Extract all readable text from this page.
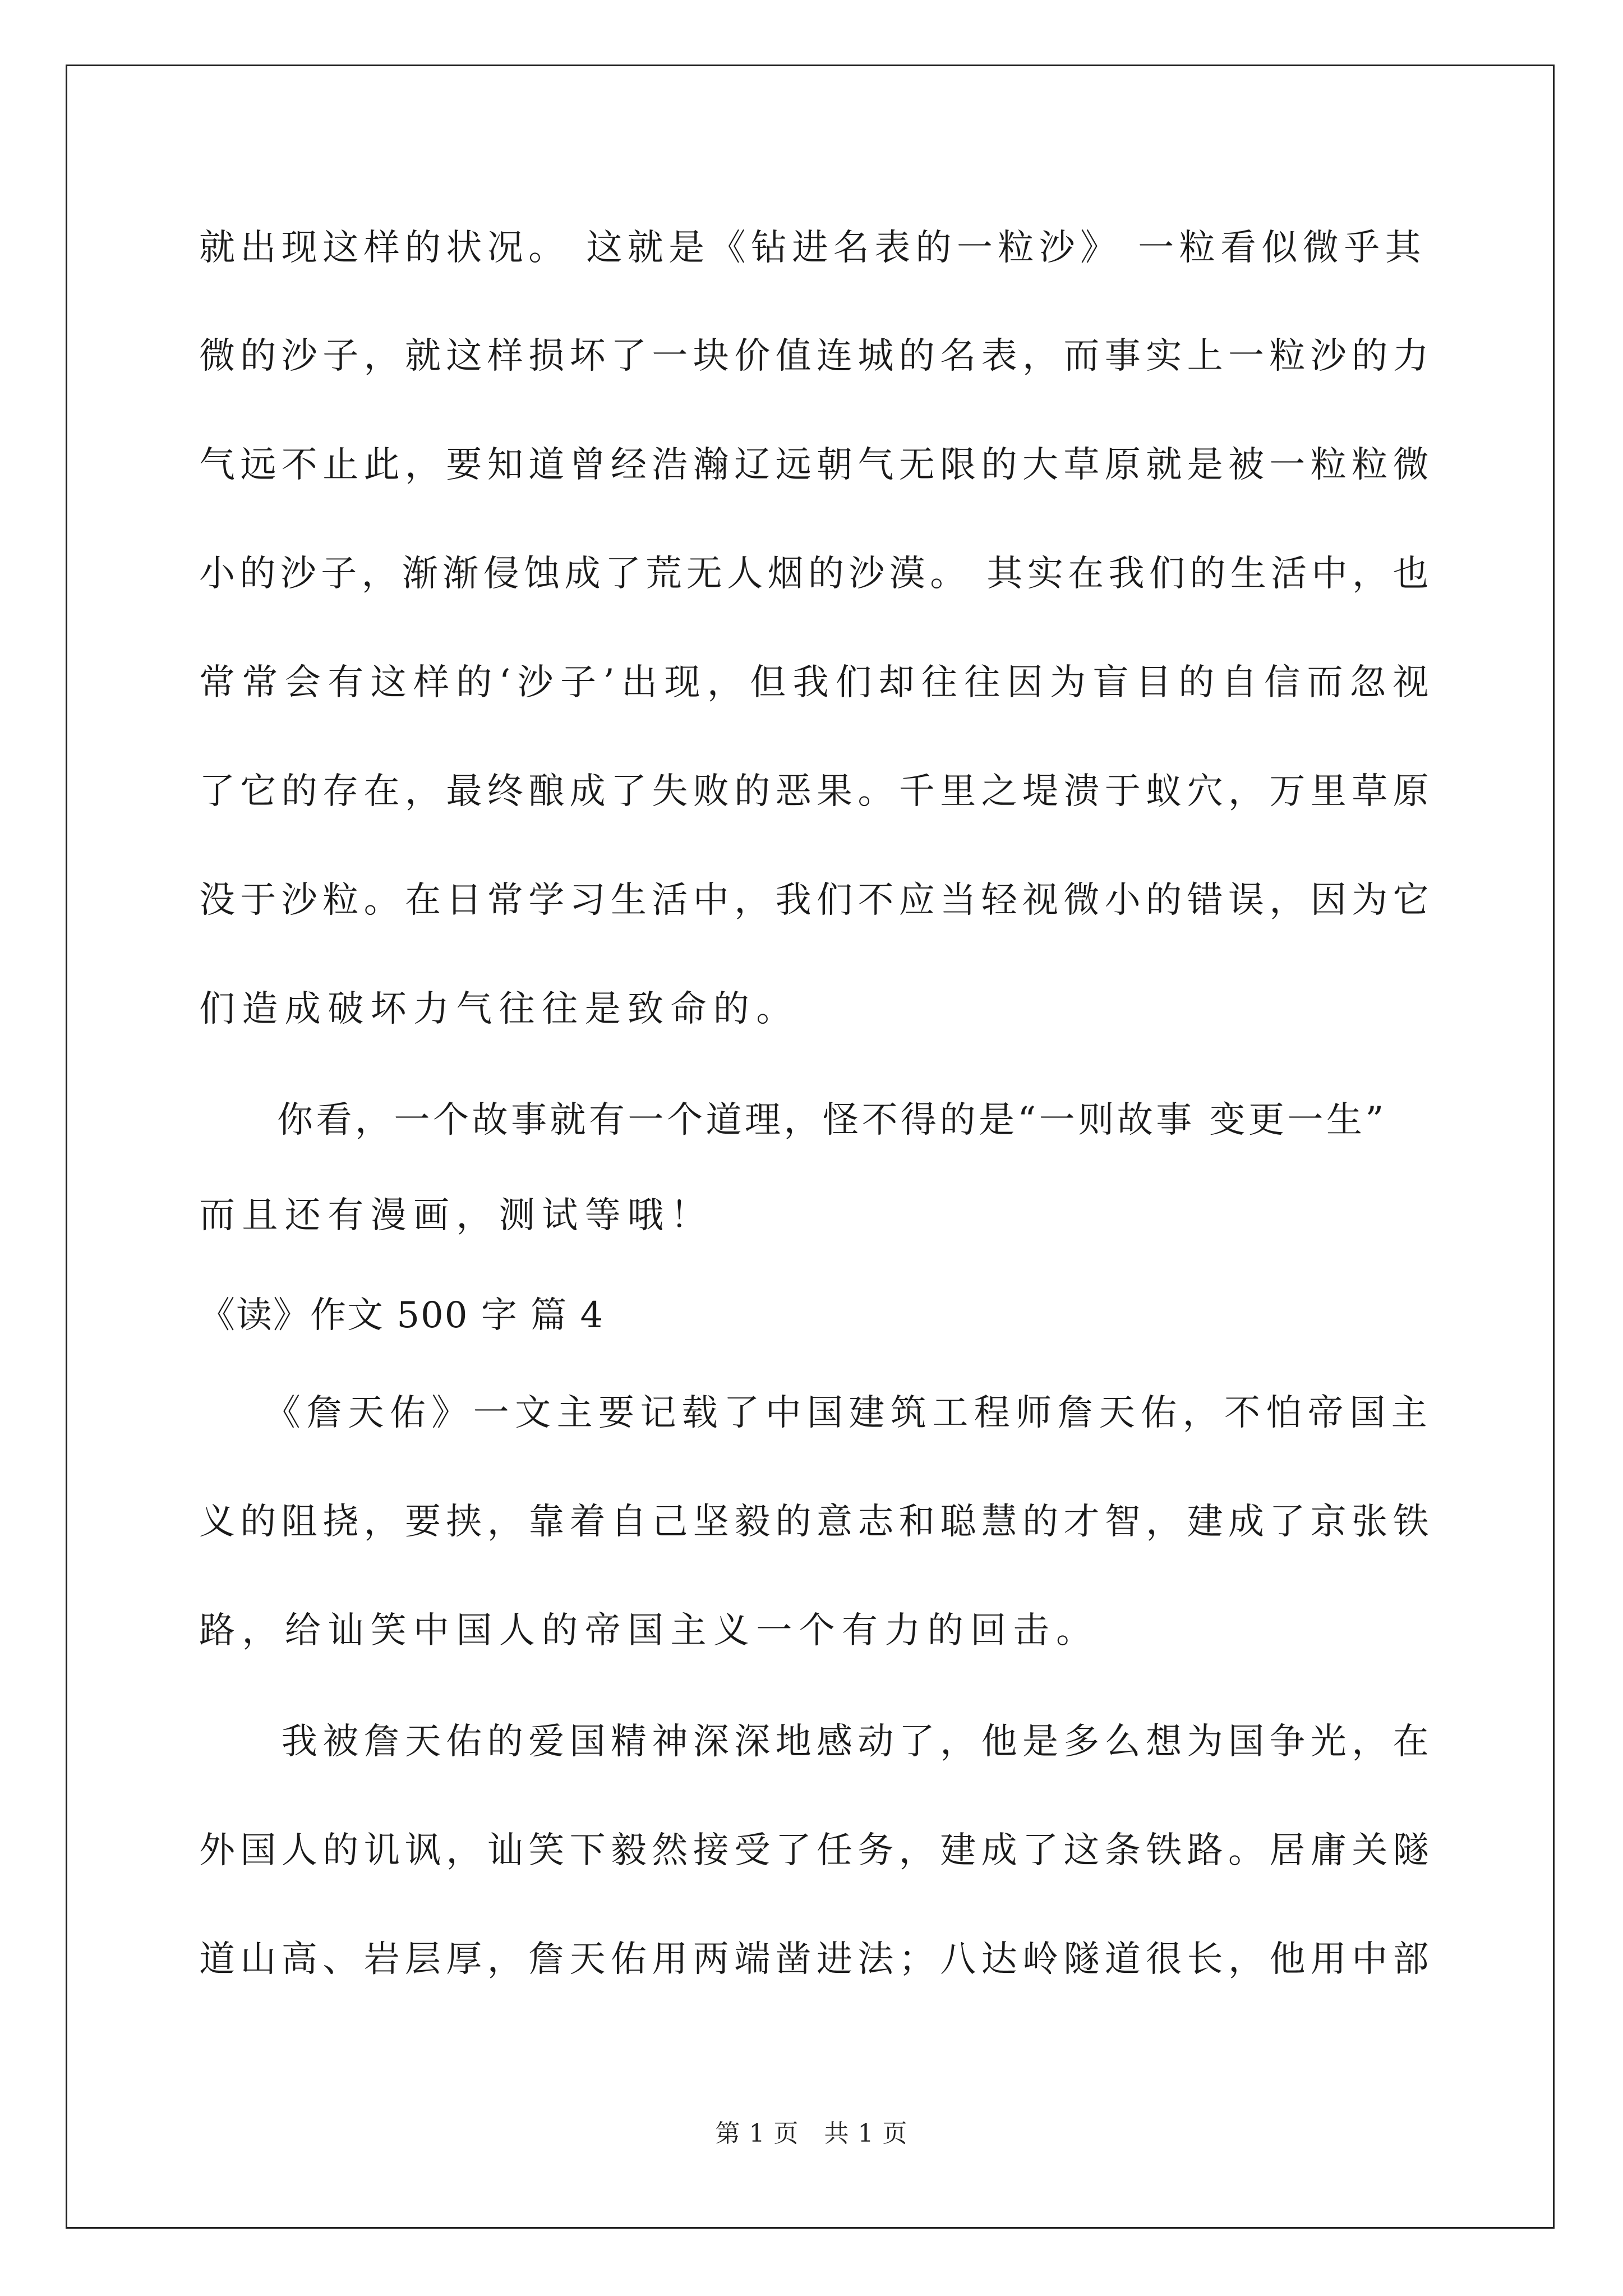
就出现这样的状况。 这就是《钻进名表的一粒沙》 一粒看似微乎其
微的沙子，就这样损坏了一块价值连城的名表，而事实上一粒沙的力
气远不止此，要知道曾经浩瀚辽远朝气无限的大草原就是被一粒粒微
小的沙子，渐渐侵蚀成了荒无人烟的沙漠。 其实在我们的生活中，也
常常会有这样的‘沙子’出现，但我们却往往因为盲目的自信而忽视
了它的存在，最终酿成了失败的恶果。千里之堤溃于蚁穴，万里草原
没于沙粒。在日常学习生活中，我们不应当轻视微小的错误，因为它
们造成破坏力气往往是致命的。
　　你看，一个故事就有一个道理，怪不得的是“一则故事 变更一生”
而且还有漫画，测试等哦！
《读》作文 500 字 篇 4
　　《詹天佑》一文主要记载了中国建筑工程师詹天佑，不怕帝国主
义的阻挠，要挟，靠着自己坚毅的意志和聪慧的才智，建成了京张铁
路，给讪笑中国人的帝国主义一个有力的回击。
　　我被詹天佑的爱国精神深深地感动了，他是多么想为国争光，在
外国人的讥讽，讪笑下毅然接受了任务，建成了这条铁路。居庸关隧
道山高、岩层厚，詹天佑用两端凿进法；八达岭隧道很长，他用中部
第 1 页　共 1 页
